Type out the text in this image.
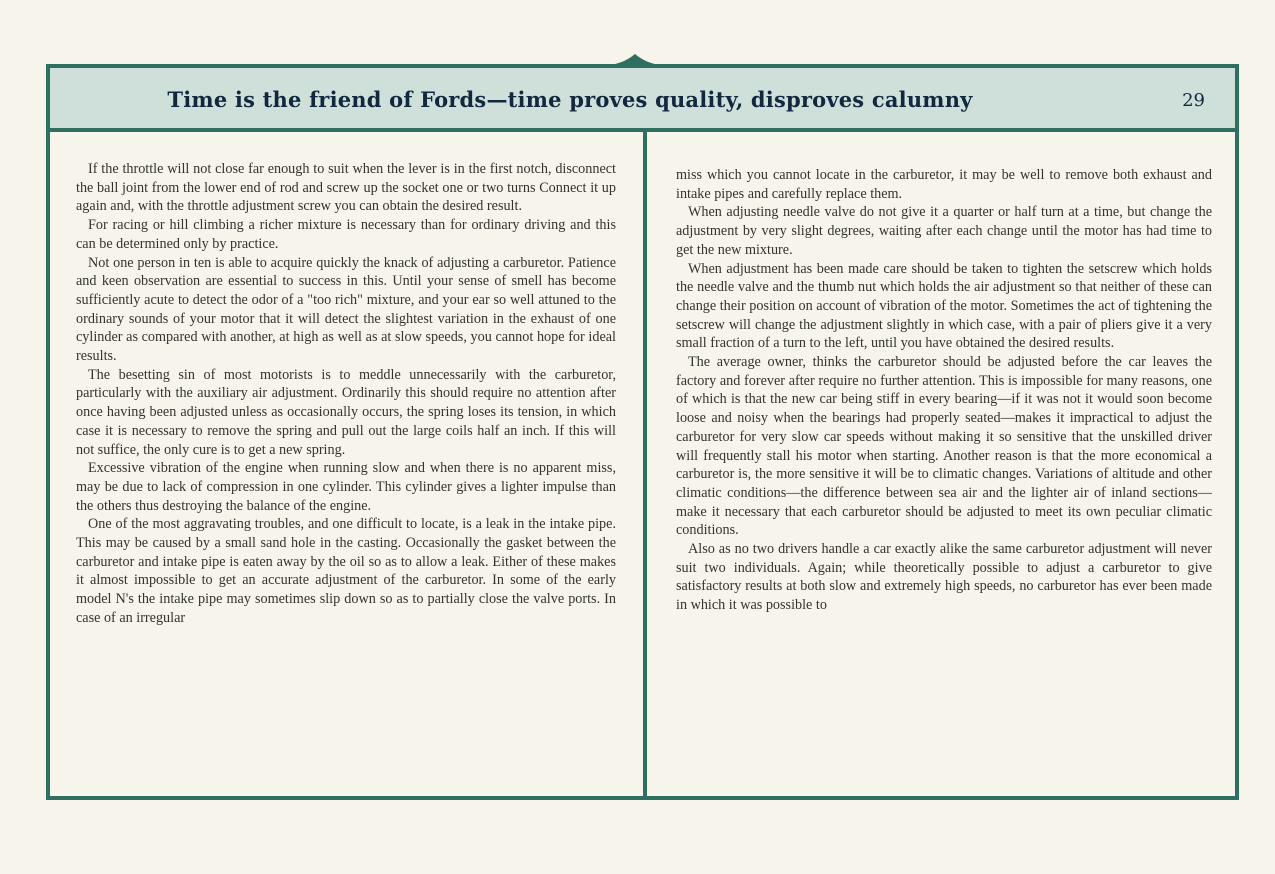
Time is the friend of Fords—time proves quality, disproves calumny	29

If the throttle will not close far enough to suit when the lever is in the first notch, disconnect the ball joint from the lower end of rod and screw up the socket one or two turns Connect it up again and, with the throttle adjustment screw you can obtain the desired result.

For racing or hill climbing a richer mixture is necessary than for ordinary driving and this can be determined only by practice.

Not one person in ten is able to acquire quickly the knack of adjusting a carburetor. Patience and keen observation are essential to success in this. Until your sense of smell has become sufficiently acute to detect the odor of a "too rich" mixture, and your ear so well attuned to the ordinary sounds of your motor that it will detect the slightest variation in the exhaust of one cylinder as compared with another, at high as well as at slow speeds, you cannot hope for ideal results.

The besetting sin of most motorists is to meddle unnecessarily with the carburetor, particularly with the auxiliary air adjustment. Ordinarily this should require no attention after once having been adjusted unless as occasionally occurs, the spring loses its tension, in which case it is necessary to remove the spring and pull out the large coils half an inch. If this will not suffice, the only cure is to get a new spring.

Excessive vibration of the engine when running slow and when there is no apparent miss, may be due to lack of compression in one cylinder. This cylinder gives a lighter impulse than the others thus destroying the balance of the engine.

One of the most aggravating troubles, and one difficult to locate, is a leak in the intake pipe. This may be caused by a small sand hole in the casting. Occasionally the gasket between the carburetor and intake pipe is eaten away by the oil so as to allow a leak. Either of these makes it almost impossible to get an accurate adjustment of the carburetor. In some of the early model N's the intake pipe may sometimes slip down so as to partially close the valve ports. In case of an irregular

miss which you cannot locate in the carburetor, it may be well to remove both exhaust and intake pipes and carefully replace them.

When adjusting needle valve do not give it a quarter or half turn at a time, but change the adjustment by very slight degrees, waiting after each change until the motor has had time to get the new mixture.

When adjustment has been made care should be taken to tighten the setscrew which holds the needle valve and the thumb nut which holds the air adjustment so that neither of these can change their position on account of vibration of the motor. Sometimes the act of tightening the setscrew will change the adjustment slightly in which case, with a pair of pliers give it a very small fraction of a turn to the left, until you have obtained the desired results.

The average owner, thinks the carburetor should be adjusted before the car leaves the factory and forever after require no further attention. This is impossible for many reasons, one of which is that the new car being stiff in every bearing—if it was not it would soon become loose and noisy when the bearings had properly seated—makes it impractical to adjust the carburetor for very slow car speeds without making it so sensitive that the unskilled driver will frequently stall his motor when starting. Another reason is that the more economical a carburetor is, the more sensitive it will be to climatic changes. Variations of altitude and other climatic conditions—the difference between sea air and the lighter air of inland sections—make it necessary that each carburetor should be adjusted to meet its own peculiar climatic conditions.

Also as no two drivers handle a car exactly alike the same carburetor adjustment will never suit two individuals. Again; while theoretically possible to adjust a carburetor to give satisfactory results at both slow and extremely high speeds, no carburetor has ever been made in which it was possible to
